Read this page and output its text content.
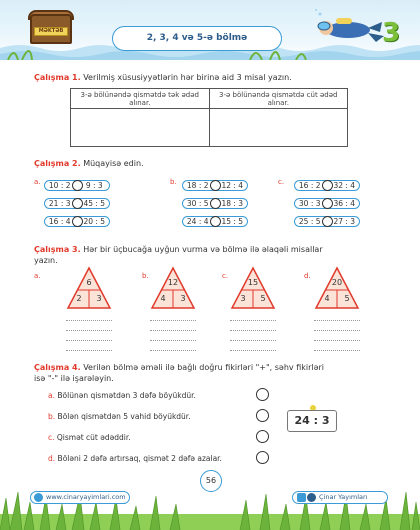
MƏKTƏB
2, 3, 4 və 5-ə bölmə	3
Çalışma 1. Verilmiş xüsusiyyətlərin hər birinə aid 3 misal yazın.
3-ə bölünəndə qismətdə tək ədəd alınar.	3-ə bölünəndə qismətdə cüt ədəd alınar.

Çalışma 2. Müqayisə edin.
a.	10 : 2	9 : 3
21 : 3	45 : 5
16 : 4	20 : 5
b.	18 : 2	12 : 4
30 : 5	18 : 3
24 : 4	15 : 5
c.	16 : 2	32 : 4
30 : 3	36 : 4
25 : 5	27 : 3
Çalışma 3. Hər bir üçbucağa uyğun vurma və bölmə ilə əlaqəli misallar yazın.
a.
6
2	3
b.
12
4	3
c.
15
3	5
d.
20
4	5
Çalışma 4. Verilən bölmə əməli ilə bağlı doğru fikirləri "+", səhv fikirləri isə "-" ilə işarələyin.
a. Bölünən qismətdən 3 dəfə böyükdür.
b. Bölən qismətdən 5 vahid böyükdür.
c. Qismət cüt ədəddir.
d. Böləni 2 dəfə artırsaq, qismət 2 dəfə azalar.
24 : 3
56
www.cinaryayimlari.com	Çinar Yayımları
